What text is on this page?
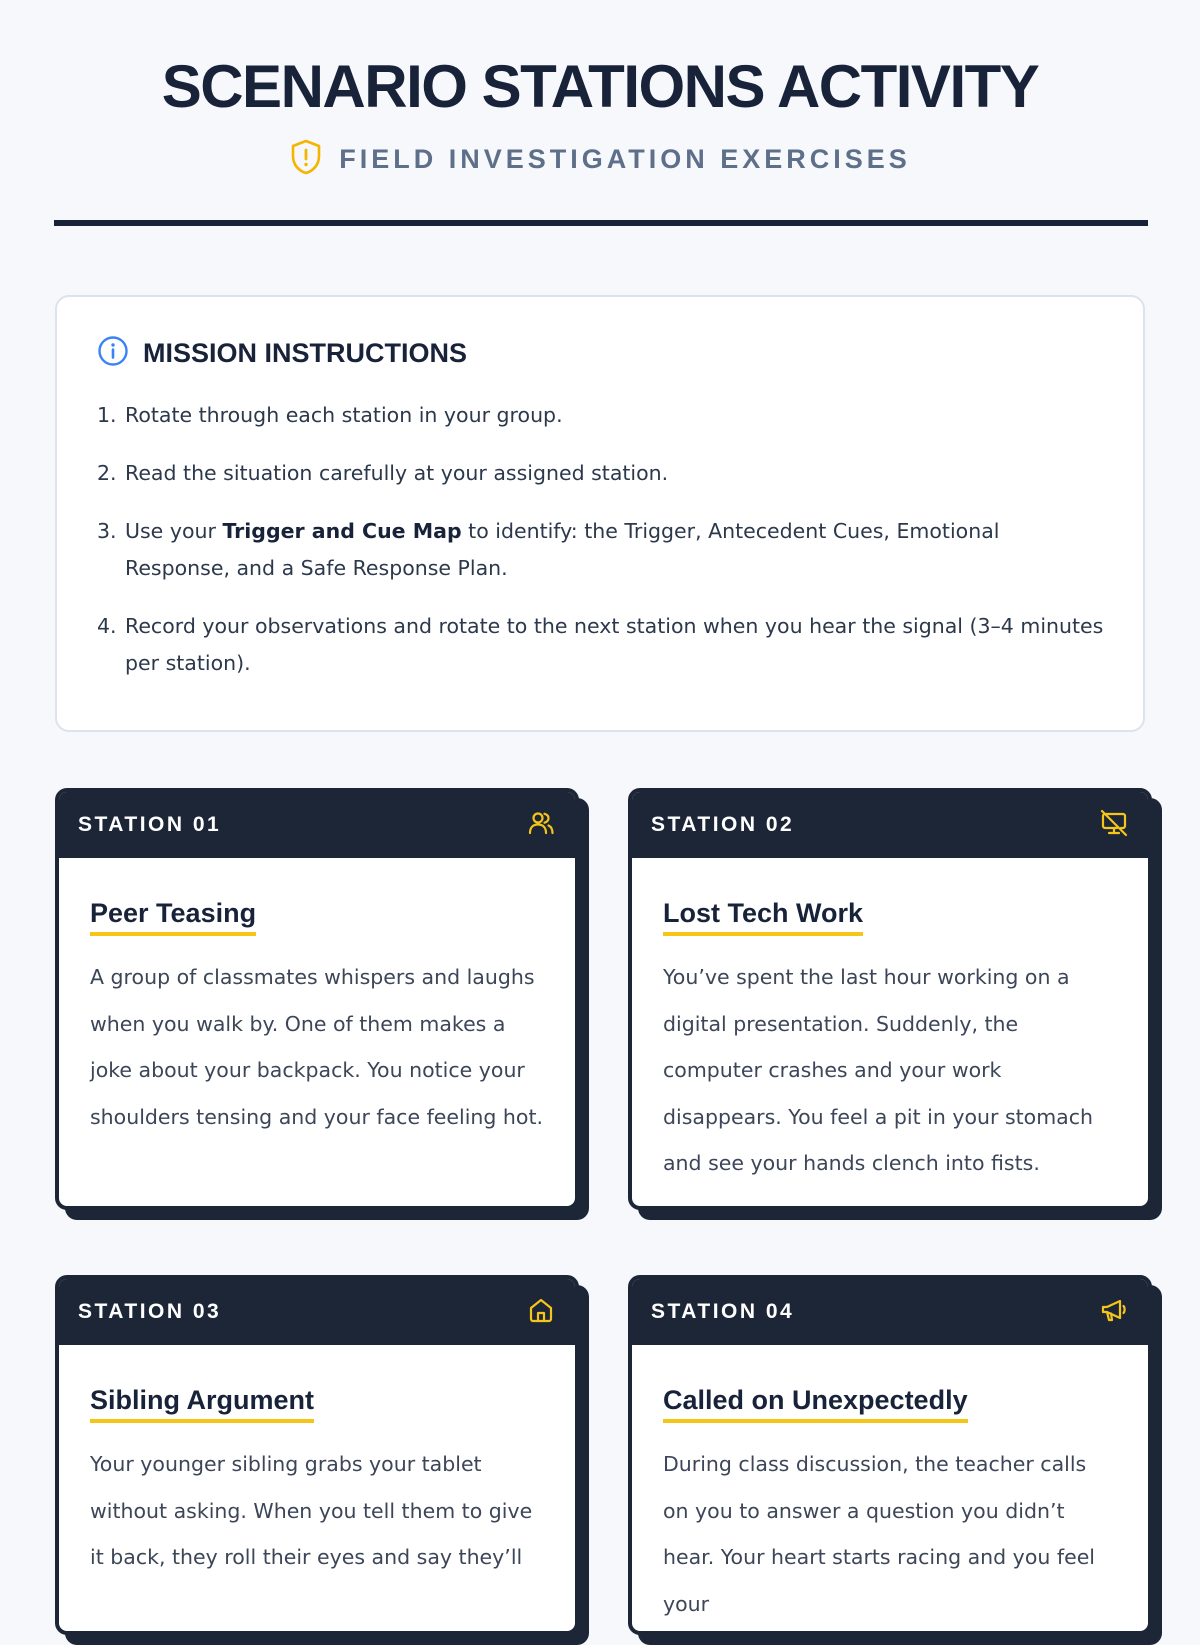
SCENARIO STATIONS ACTIVITY
FIELD INVESTIGATION EXERCISES
MISSION INSTRUCTIONS
1. Rotate through each station in your group.
2. Read the situation carefully at your assigned station.
3. Use your Trigger and Cue Map to identify: the Trigger, Antecedent Cues, Emotional Response, and a Safe Response Plan.
4. Record your observations and rotate to the next station when you hear the signal (3–4 minutes per station).
STATION 01
Peer Teasing
A group of classmates whispers and laughs when you walk by. One of them makes a joke about your backpack. You notice your shoulders tensing and your face feeling hot.
STATION 02
Lost Tech Work
You’ve spent the last hour working on a digital presentation. Suddenly, the computer crashes and your work disappears. You feel a pit in your stomach and see your hands clench into fists.
STATION 03
Sibling Argument
Your younger sibling grabs your tablet without asking. When you tell them to give it back, they roll their eyes and say they’ll
STATION 04
Called on Unexpectedly
During class discussion, the teacher calls on you to answer a question you didn’t hear. Your heart starts racing and you feel your
